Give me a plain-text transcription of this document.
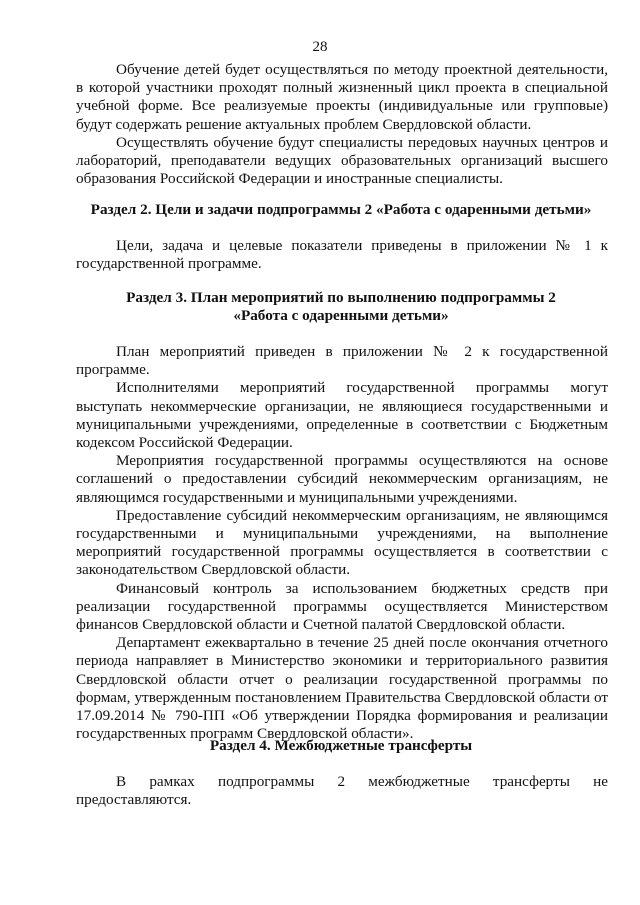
28

Обучение детей будет осуществляться по методу проектной деятельности, в которой участники проходят полный жизненный цикл проекта в специальной учебной форме. Все реализуемые проекты (индивидуальные или групповые) будут содержать решение актуальных проблем Свердловской области.

Осуществлять обучение будут специалисты передовых научных центров и лабораторий, преподаватели ведущих образовательных организаций высшего образования Российской Федерации и иностранные специалисты.

Раздел 2. Цели и задачи подпрограммы 2 «Работа с одаренными детьми»

Цели, задача и целевые показатели приведены в приложении № 1 к государственной программе.

Раздел 3. План мероприятий по выполнению подпрограммы 2
«Работа с одаренными детьми»

План мероприятий приведен в приложении № 2 к государственной программе.

Исполнителями мероприятий государственной программы могут выступать некоммерческие организации, не являющиеся государственными и муниципальными учреждениями, определенные в соответствии с Бюджетным кодексом Российской Федерации.

Мероприятия государственной программы осуществляются на основе соглашений о предоставлении субсидий некоммерческим организациям, не являющимся государственными и муниципальными учреждениями.

Предоставление субсидий некоммерческим организациям, не являющимся государственными и муниципальными учреждениями, на выполнение мероприятий государственной программы осуществляется в соответствии с законодательством Свердловской области.

Финансовый контроль за использованием бюджетных средств при реализации государственной программы осуществляется Министерством финансов Свердловской области и Счетной палатой Свердловской области.

Департамент ежеквартально в течение 25 дней после окончания отчетного периода направляет в Министерство экономики и территориального развития Свердловской области отчет о реализации государственной программы по формам, утвержденным постановлением Правительства Свердловской области от 17.09.2014 № 790-ПП «Об утверждении Порядка формирования и реализации государственных программ Свердловской области».

Раздел 4. Межбюджетные трансферты

В рамках подпрограммы 2 межбюджетные трансферты не предоставляются.
